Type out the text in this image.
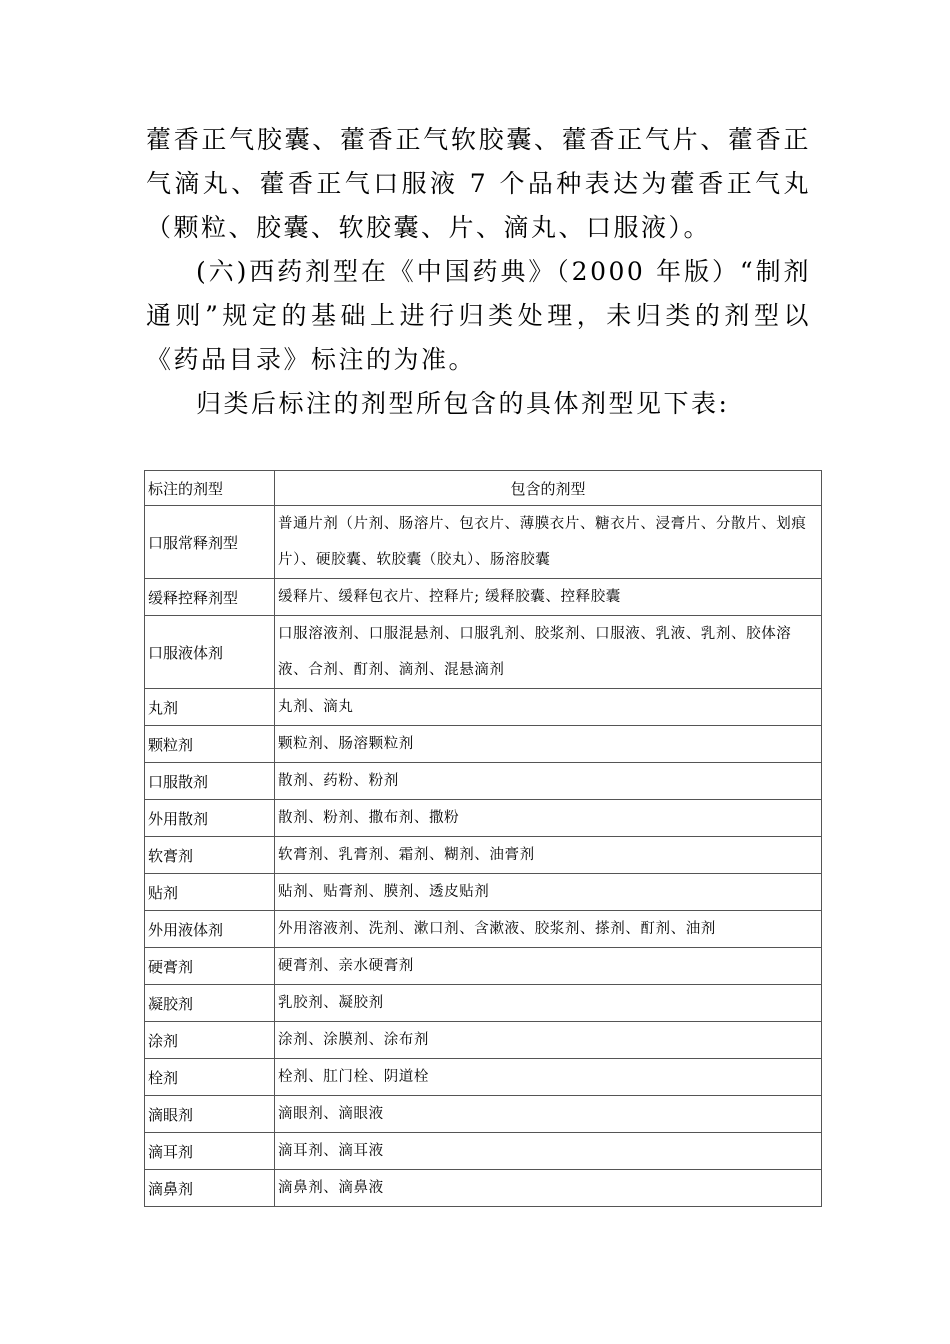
藿香正气胶囊、藿香正气软胶囊、藿香正气片、藿香正气滴丸、藿香正气口服液 7 个品种表达为藿香正气丸（颗粒、胶囊、软胶囊、片、滴丸、口服液）。

(六)西药剂型在《中国药典》（2000 年版）“制剂通则”规定的基础上进行归类处理，未归类的剂型以《药品目录》标注的为准。

归类后标注的剂型所包含的具体剂型见下表:

标注的剂型	包含的剂型
口服常释剂型	普通片剂（片剂、肠溶片、包衣片、薄膜衣片、糖衣片、浸膏片、分散片、划痕片）、硬胶囊、软胶囊（胶丸）、肠溶胶囊
缓释控释剂型	缓释片、缓释包衣片、控释片; 缓释胶囊、控释胶囊
口服液体剂	口服溶液剂、口服混悬剂、口服乳剂、胶浆剂、口服液、乳液、乳剂、胶体溶液、合剂、酊剂、滴剂、混悬滴剂
丸剂	丸剂、滴丸
颗粒剂	颗粒剂、肠溶颗粒剂
口服散剂	散剂、药粉、粉剂
外用散剂	散剂、粉剂、撒布剂、撒粉
软膏剂	软膏剂、乳膏剂、霜剂、糊剂、油膏剂
贴剂	贴剂、贴膏剂、膜剂、透皮贴剂
外用液体剂	外用溶液剂、洗剂、漱口剂、含漱液、胶浆剂、搽剂、酊剂、油剂
硬膏剂	硬膏剂、亲水硬膏剂
凝胶剂	乳胶剂、凝胶剂
涂剂	涂剂、涂膜剂、涂布剂
栓剂	栓剂、肛门栓、阴道栓
滴眼剂	滴眼剂、滴眼液
滴耳剂	滴耳剂、滴耳液
滴鼻剂	滴鼻剂、滴鼻液
